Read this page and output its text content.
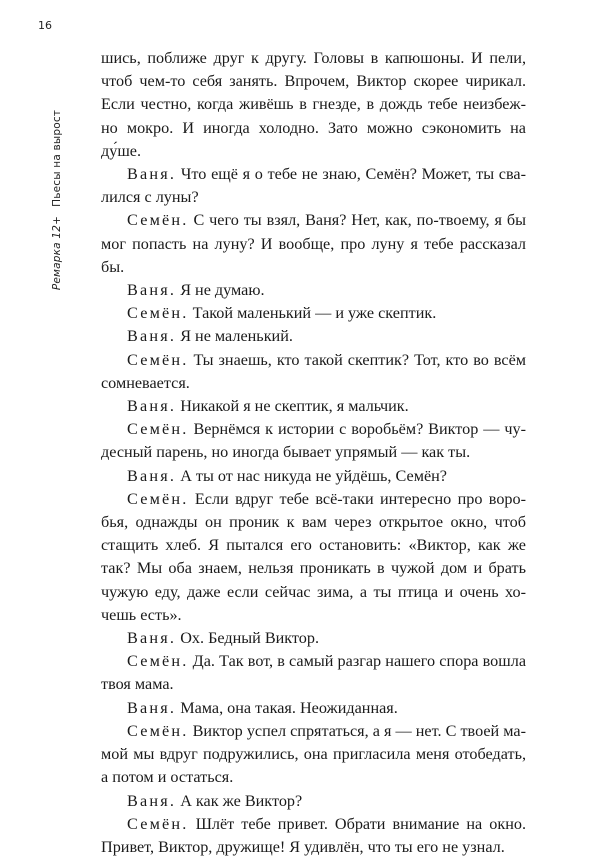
16
Ремарка 12+Пьесы на вырост

шись, поближе друг к другу. Головы в капюшоны. И пели,

чтоб чем-то себя занять. Впрочем, Виктор скорее чирикал.

Если честно, когда живёшь в гнезде, в дождь тебе неизбеж-

но мокро. И иногда холодно. Зато можно сэкономить на

ду́ше.

Ваня. Что ещё я о тебе не знаю, Семён? Может, ты сва-

лился с луны?

Семён. С чего ты взял, Ваня? Нет, как, по-твоему, я бы

мог попасть на луну? И вообще, про луну я тебе рассказал бы.

Ваня. Я не думаю.

Семён. Такой маленький — и уже скептик.

Ваня. Я не маленький.

Семён. Ты знаешь, кто такой скептик? Тот, кто во всём

сомневается.

Ваня. Никакой я не скептик, я мальчик.

Семён. Вернёмся к истории с воробьём? Виктор — чу-

десный парень, но иногда бывает упрямый — как ты.

Ваня. А ты от нас никуда не уйдёшь, Семён?

Семён. Если вдруг тебе всё-таки интересно про воро-

бья, однажды он проник к вам через открытое окно, чтоб

стащить хлеб. Я пытался его остановить: «Виктор, как же

так? Мы оба знаем, нельзя проникать в чужой дом и брать

чужую еду, даже если сейчас зима, а ты птица и очень хо-

чешь есть».

Ваня. Ох. Бедный Виктор.

Семён. Да. Так вот, в самый разгар нашего спора вошла

твоя мама.

Ваня. Мама, она такая. Неожиданная.

Семён. Виктор успел спрятаться, а я — нет. С твоей ма-

мой мы вдруг подружились, она пригласила меня отобедать,

а потом и остаться.

Ваня. А как же Виктор?

Семён. Шлёт тебе привет. Обрати внимание на окно.

Привет, Виктор, дружище! Я удивлён, что ты его не узнал.
